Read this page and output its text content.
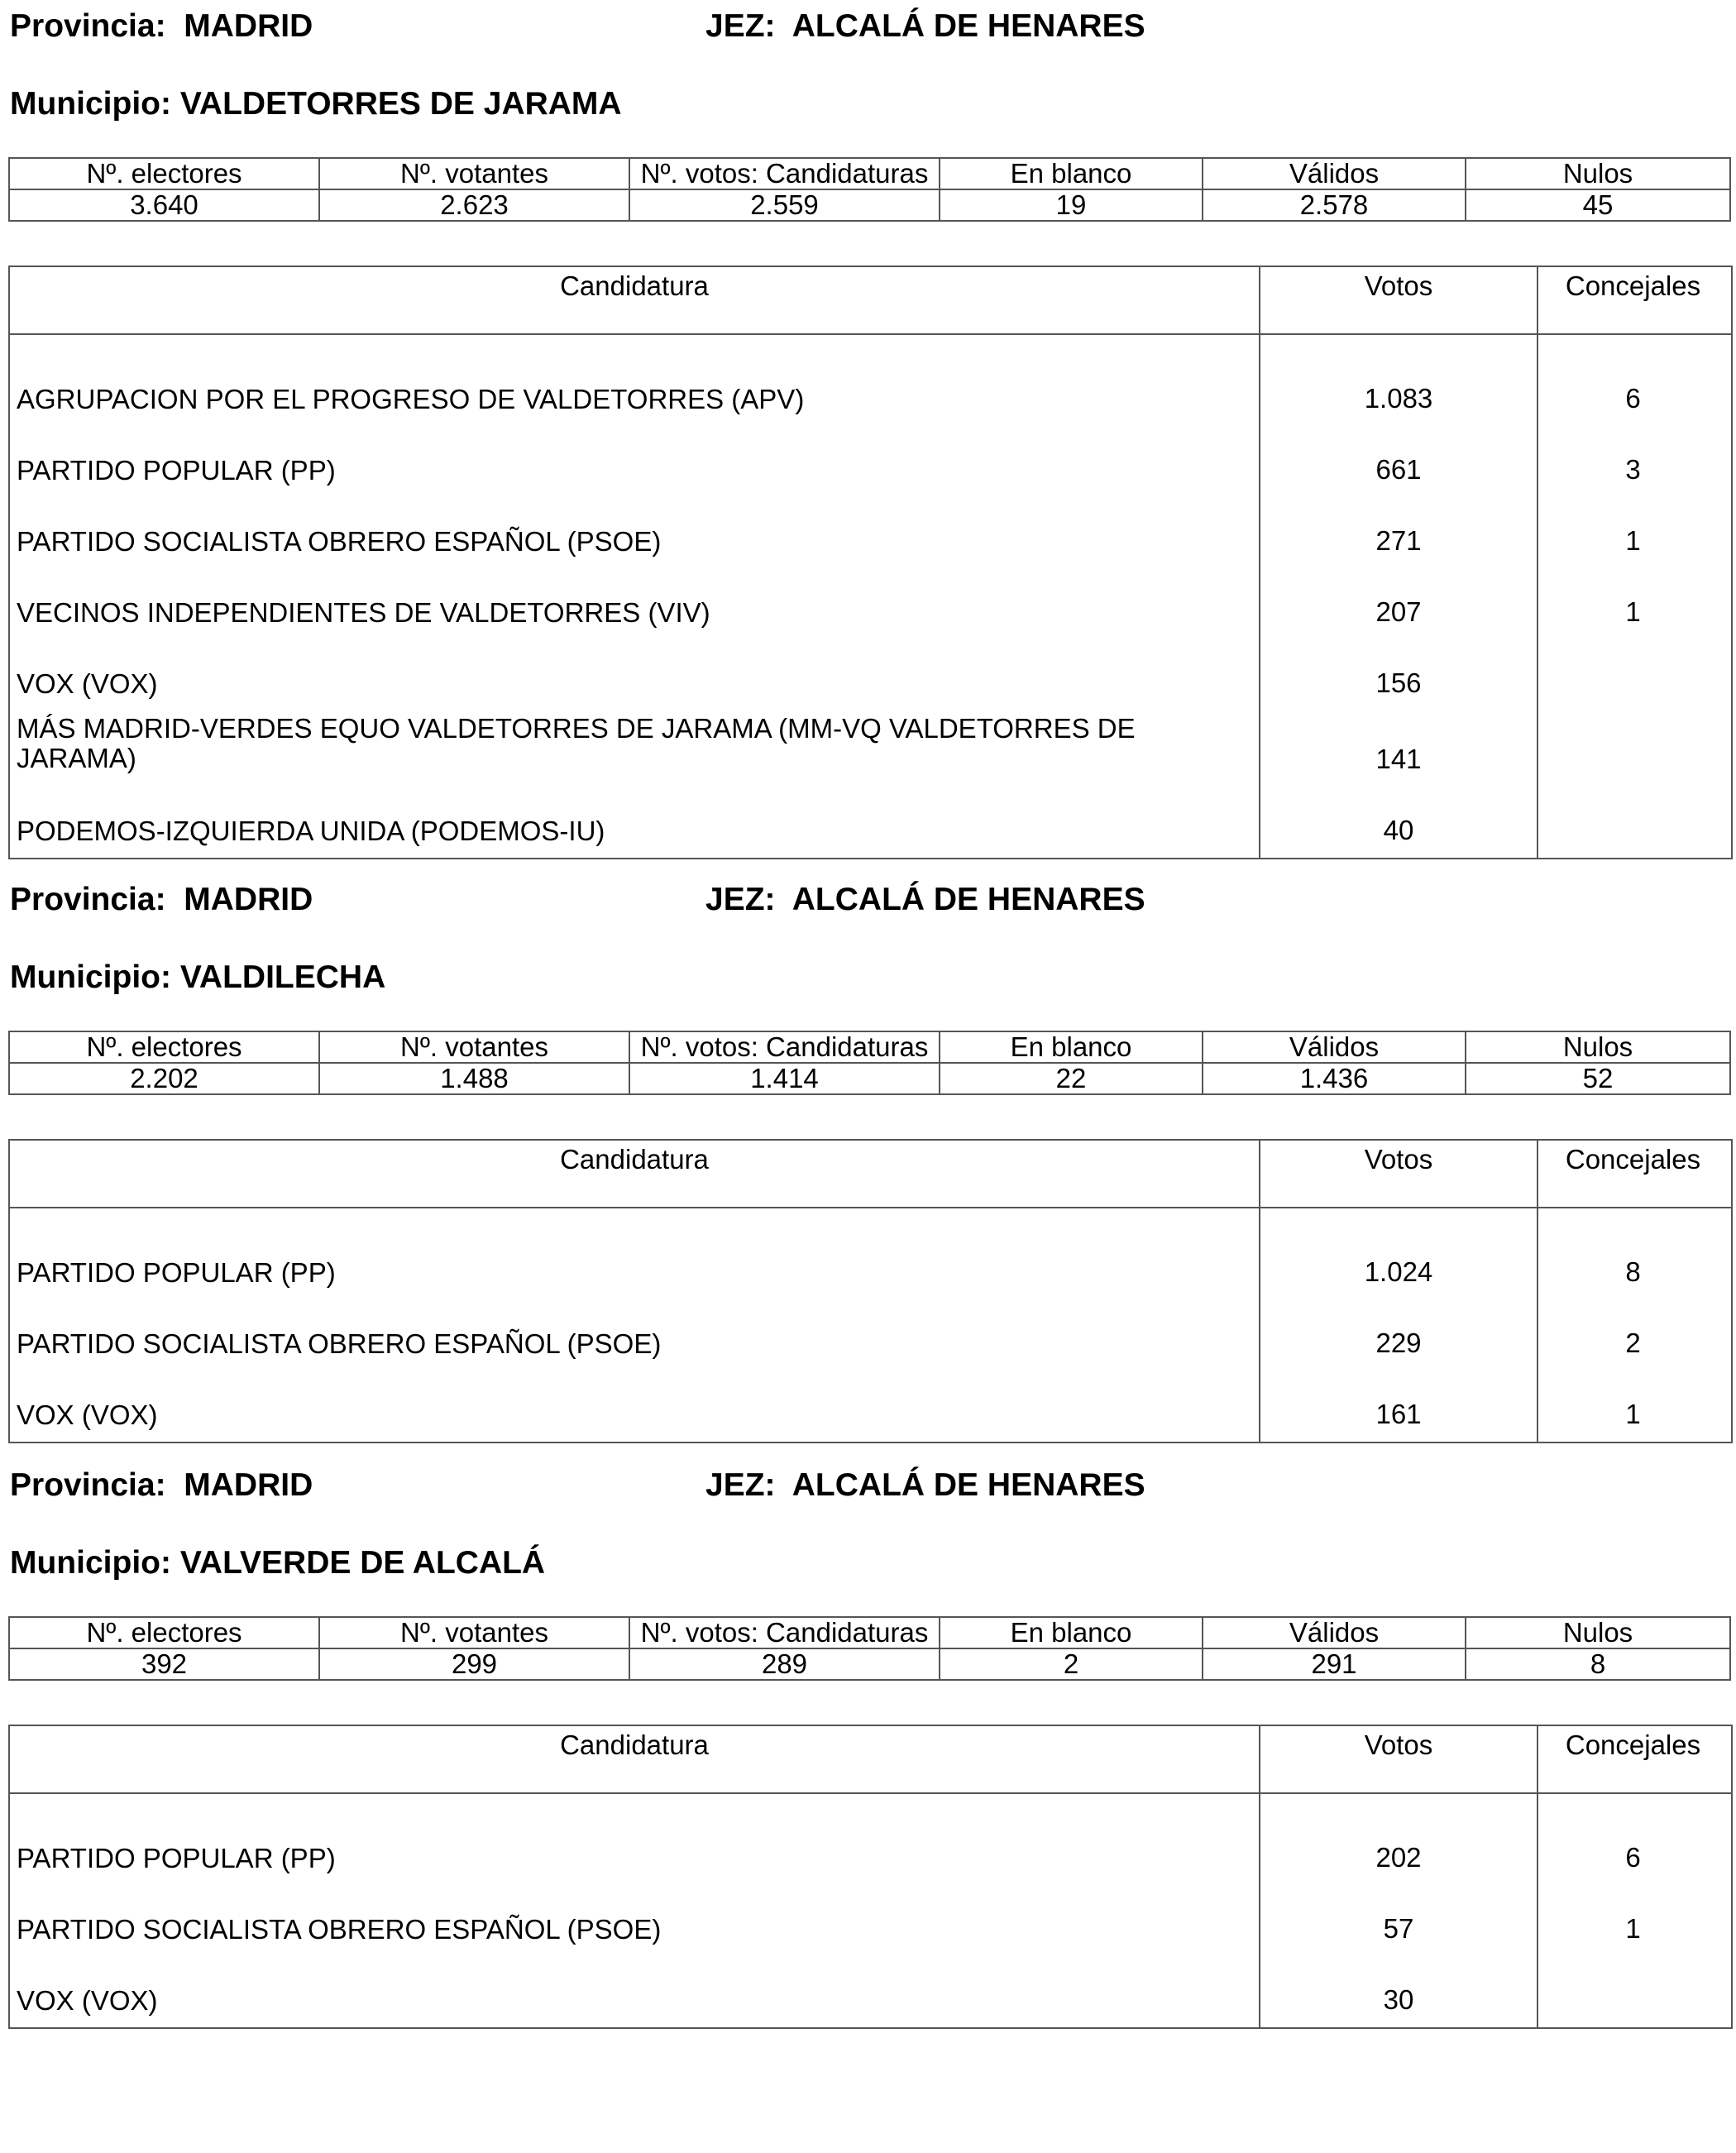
Provincia: MADRID	JEZ: ALCALÁ DE HENARES
Municipio: VALDETORRES DE JARAMA
Nº. electores	Nº. votantes	Nº. votos: Candidaturas	En blanco	Válidos	Nulos
3.640	2.623	2.559	19	2.578	45
Candidatura	Votos	Concejales
AGRUPACION POR EL PROGRESO DE VALDETORRES (APV)	1.083	6
PARTIDO POPULAR (PP)	661	3
PARTIDO SOCIALISTA OBRERO ESPAÑOL (PSOE)	271	1
VECINOS INDEPENDIENTES DE VALDETORRES (VIV)	207	1
VOX (VOX)	156
MÁS MADRID-VERDES EQUO VALDETORRES DE JARAMA (MM-VQ VALDETORRES DE JARAMA)	141
PODEMOS-IZQUIERDA UNIDA (PODEMOS-IU)	40
Provincia: MADRID	JEZ: ALCALÁ DE HENARES
Municipio: VALDILECHA
Nº. electores	Nº. votantes	Nº. votos: Candidaturas	En blanco	Válidos	Nulos
2.202	1.488	1.414	22	1.436	52
Candidatura	Votos	Concejales
PARTIDO POPULAR (PP)	1.024	8
PARTIDO SOCIALISTA OBRERO ESPAÑOL (PSOE)	229	2
VOX (VOX)	161	1
Provincia: MADRID	JEZ: ALCALÁ DE HENARES
Municipio: VALVERDE DE ALCALÁ
Nº. electores	Nº. votantes	Nº. votos: Candidaturas	En blanco	Válidos	Nulos
392	299	289	2	291	8
Candidatura	Votos	Concejales
PARTIDO POPULAR (PP)	202	6
PARTIDO SOCIALISTA OBRERO ESPAÑOL (PSOE)	57	1
VOX (VOX)	30
